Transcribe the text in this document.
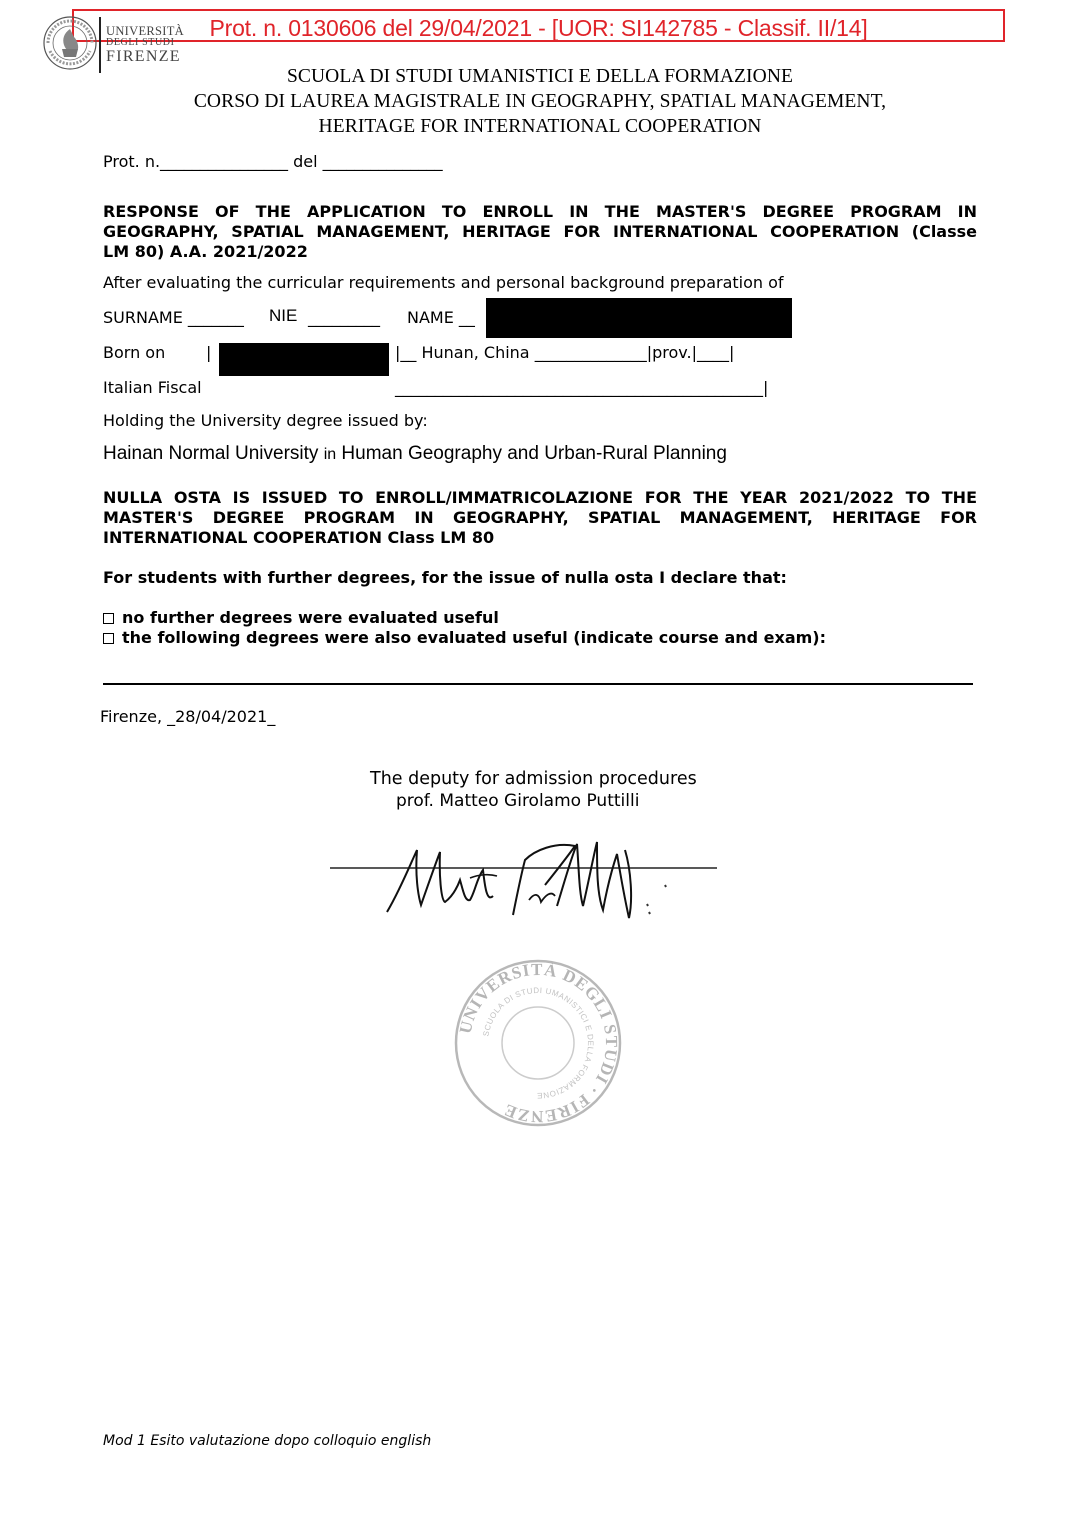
Prot. n. 0130606 del 29/04/2021 - [UOR: SI142785 - Classif. II/14]
UNIVERSITÀ
DEGLI STUDI
FIRENZE
SCUOLA DI STUDI UMANISTICI E DELLA FORMAZIONE
CORSO DI LAUREA MAGISTRALE IN GEOGRAPHY, SPATIAL MANAGEMENT,
HERITAGE FOR INTERNATIONAL COOPERATION
Prot. n.________________ del _______________
RESPONSE OF THE APPLICATION TO ENROLL IN THE MASTER'S DEGREE PROGRAM IN
GEOGRAPHY, SPATIAL MANAGEMENT, HERITAGE FOR INTERNATIONAL COOPERATION (Classe
LM 80) A.A. 2021/2022
After evaluating the curricular requirements and personal background preparation of
SURNAME _______ NIE _________ NAME __
Born on	|	|__ Hunan, China ______________|prov.|____|
Italian Fiscal	______________________________________________|
Holding the University degree issued by:
Hainan Normal University in Human Geography and Urban-Rural Planning
NULLA OSTA IS ISSUED TO ENROLL/IMMATRICOLAZIONE FOR THE YEAR 2021/2022 TO THE
MASTER'S DEGREE PROGRAM IN GEOGRAPHY, SPATIAL MANAGEMENT, HERITAGE FOR
INTERNATIONAL COOPERATION Class LM 80
For students with further degrees, for the issue of nulla osta I declare that:
no further degrees were evaluated useful
the following degrees were also evaluated useful (indicate course and exam):
Firenze, _28/04/2021_
The deputy for admission procedures
prof. Matteo Girolamo Puttilli
UNIVERSITÀ DEGLI STUDI · FIRENZE
SCUOLA DI STUDI UMANISTICI E DELLA FORMAZIONE
Mod 1 Esito valutazione dopo colloquio english
